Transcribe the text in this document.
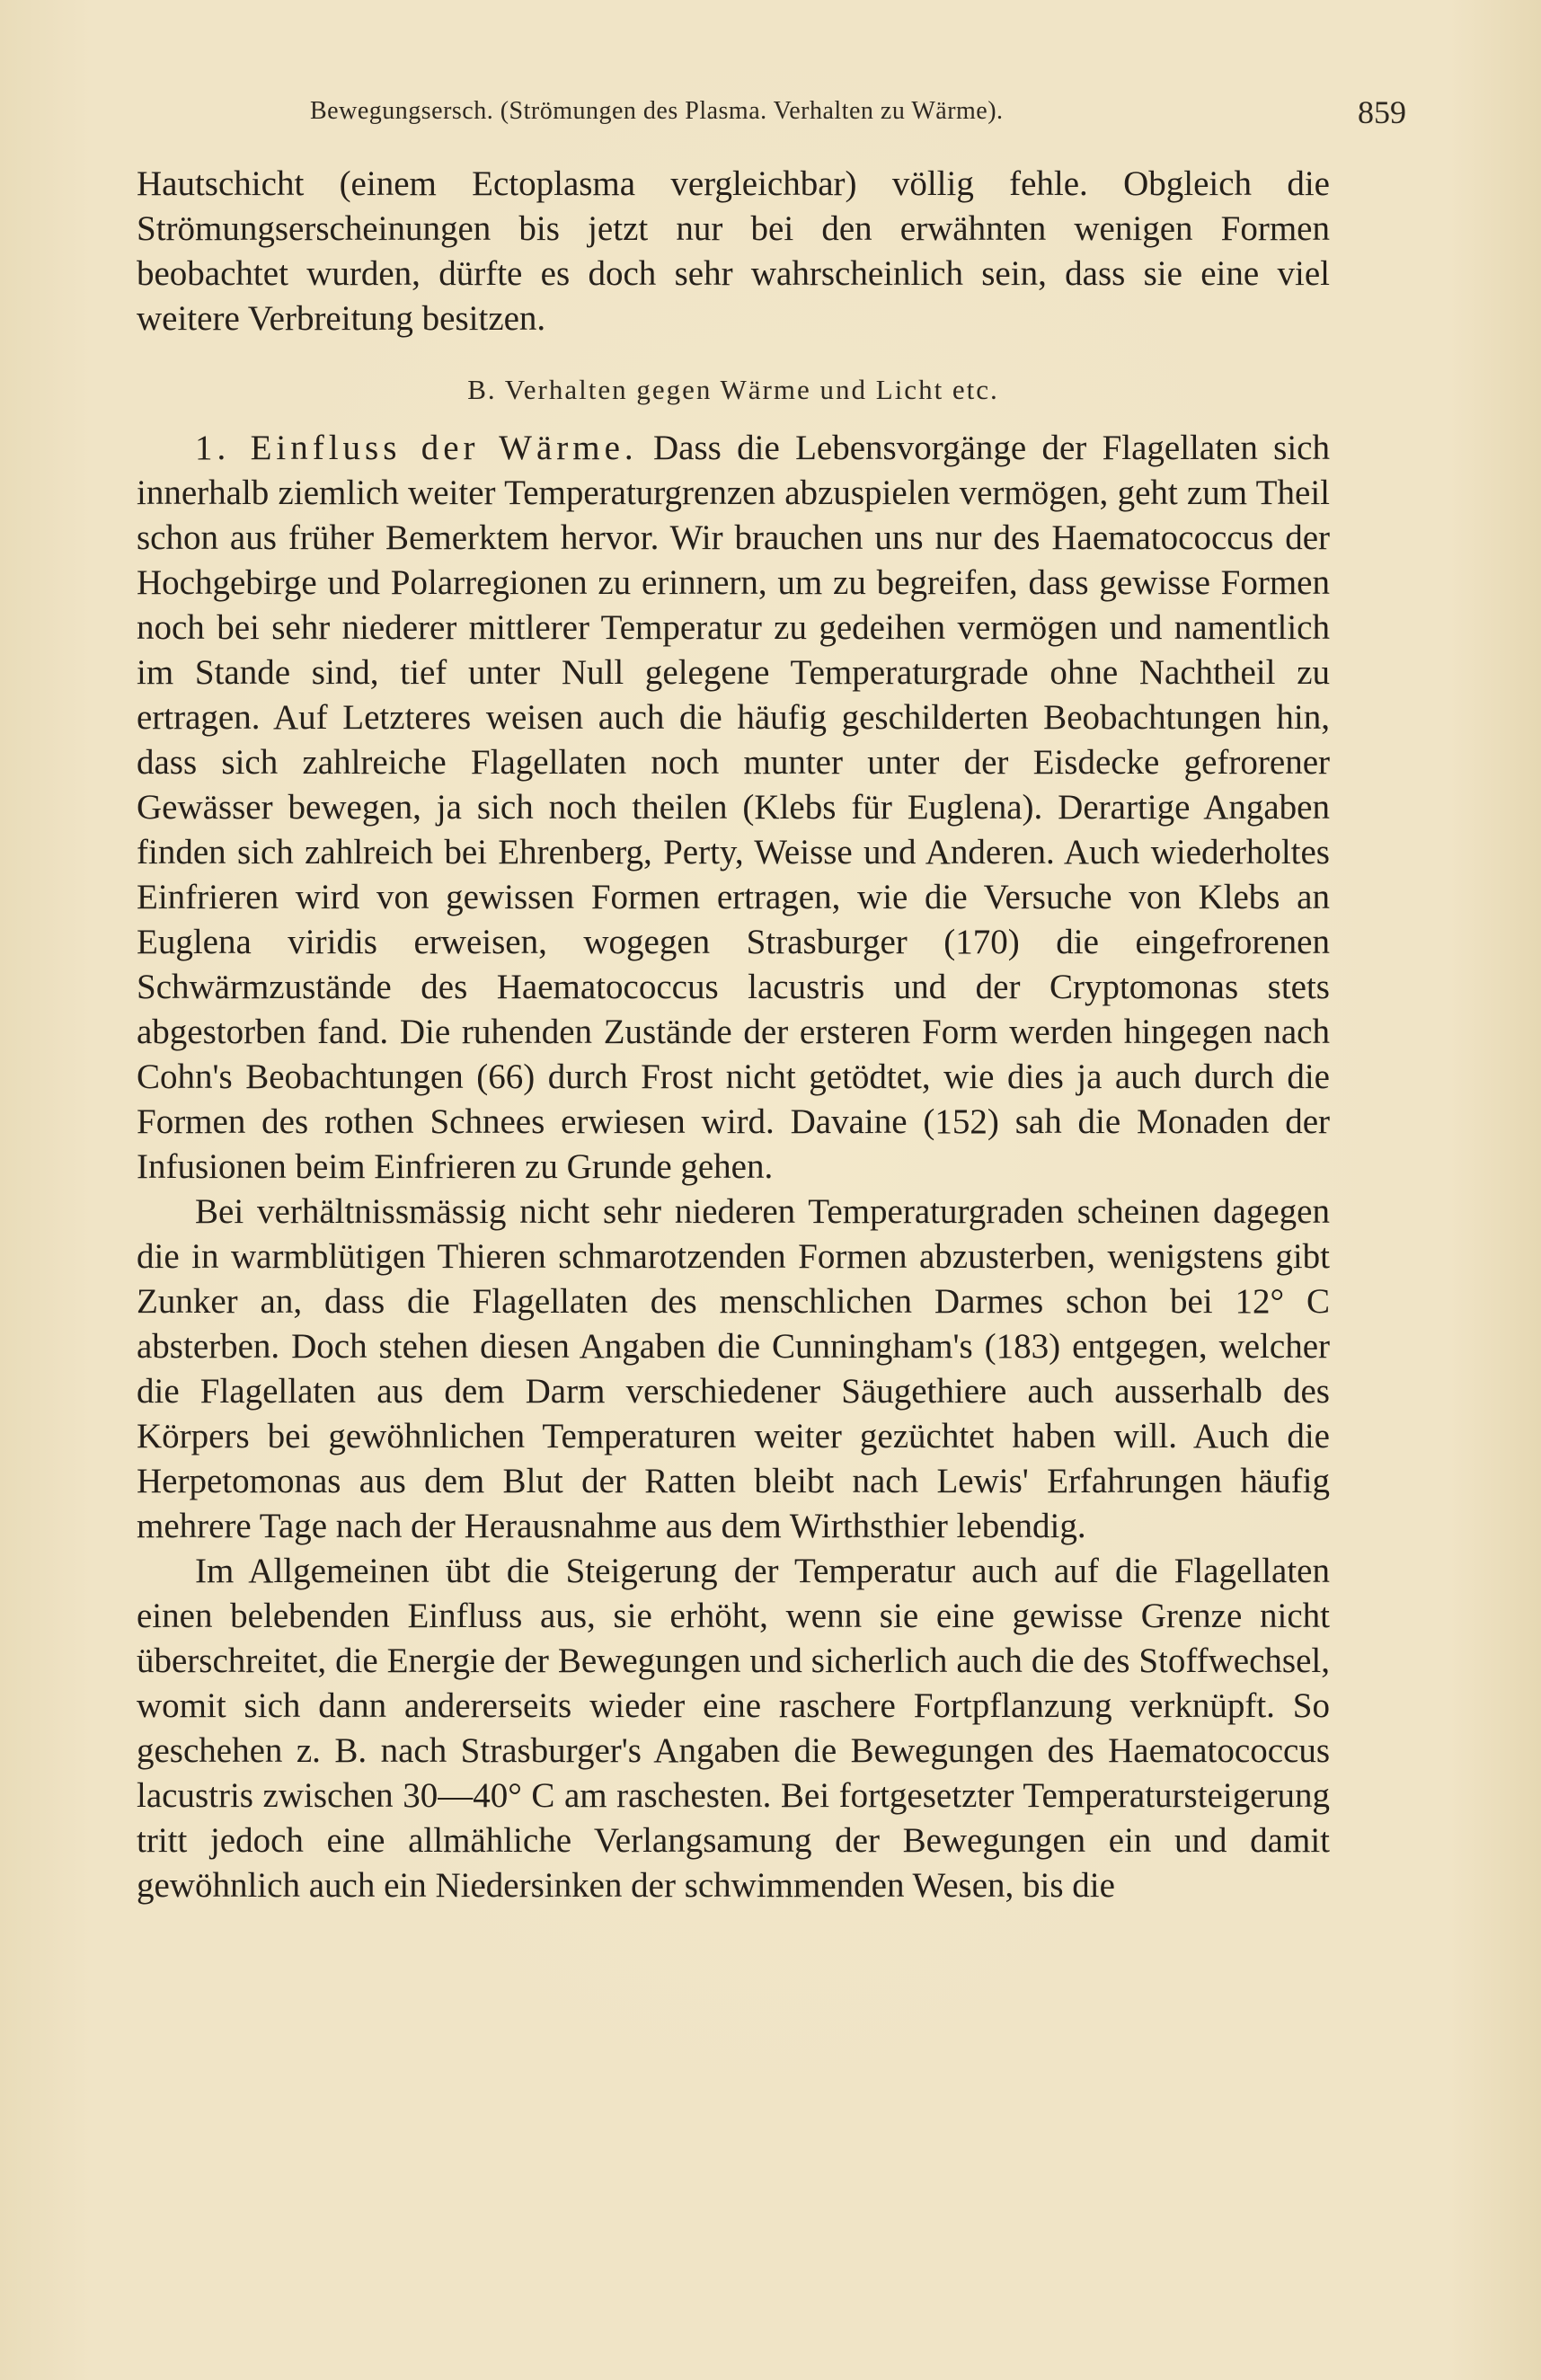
Bewegungsersch. (Strömungen des Plasma. Verhalten zu Wärme).	859

Hautschicht (einem Ectoplasma vergleichbar) völlig fehle. Obgleich die Strömungserscheinungen bis jetzt nur bei den erwähnten wenigen Formen beobachtet wurden, dürfte es doch sehr wahrscheinlich sein, dass sie eine viel weitere Verbreitung besitzen.

B. Verhalten gegen Wärme und Licht etc.

1. Einfluss der Wärme. Dass die Lebensvorgänge der Flagellaten sich innerhalb ziemlich weiter Temperaturgrenzen abzuspielen vermögen, geht zum Theil schon aus früher Bemerktem hervor. Wir brauchen uns nur des Haematococcus der Hochgebirge und Polarregionen zu erinnern, um zu begreifen, dass gewisse Formen noch bei sehr niederer mittlerer Temperatur zu gedeihen vermögen und namentlich im Stande sind, tief unter Null gelegene Temperaturgrade ohne Nachtheil zu ertragen. Auf Letzteres weisen auch die häufig geschilderten Beobachtungen hin, dass sich zahlreiche Flagellaten noch munter unter der Eisdecke gefrorener Gewässer bewegen, ja sich noch theilen (Klebs für Euglena). Derartige Angaben finden sich zahlreich bei Ehrenberg, Perty, Weisse und Anderen. Auch wiederholtes Einfrieren wird von gewissen Formen ertragen, wie die Versuche von Klebs an Euglena viridis erweisen, wogegen Strasburger (170) die eingefrorenen Schwärmzustände des Haematococcus lacustris und der Cryptomonas stets abgestorben fand. Die ruhenden Zustände der ersteren Form werden hingegen nach Cohn's Beobachtungen (66) durch Frost nicht getödtet, wie dies ja auch durch die Formen des rothen Schnees erwiesen wird. Davaine (152) sah die Monaden der Infusionen beim Einfrieren zu Grunde gehen.

Bei verhältnissmässig nicht sehr niederen Temperaturgraden scheinen dagegen die in warmblütigen Thieren schmarotzenden Formen abzusterben, wenigstens gibt Zunker an, dass die Flagellaten des menschlichen Darmes schon bei 12° C absterben. Doch stehen diesen Angaben die Cunningham's (183) entgegen, welcher die Flagellaten aus dem Darm verschiedener Säugethiere auch ausserhalb des Körpers bei gewöhnlichen Temperaturen weiter gezüchtet haben will. Auch die Herpetomonas aus dem Blut der Ratten bleibt nach Lewis' Erfahrungen häufig mehrere Tage nach der Herausnahme aus dem Wirthsthier lebendig.

Im Allgemeinen übt die Steigerung der Temperatur auch auf die Flagellaten einen belebenden Einfluss aus, sie erhöht, wenn sie eine gewisse Grenze nicht überschreitet, die Energie der Bewegungen und sicherlich auch die des Stoffwechsel, womit sich dann andererseits wieder eine raschere Fortpflanzung verknüpft. So geschehen z. B. nach Strasburger's Angaben die Bewegungen des Haematococcus lacustris zwischen 30—40° C am raschesten. Bei fortgesetzter Temperatursteigerung tritt jedoch eine allmähliche Verlangsamung der Bewegungen ein und damit gewöhnlich auch ein Niedersinken der schwimmenden Wesen, bis die
